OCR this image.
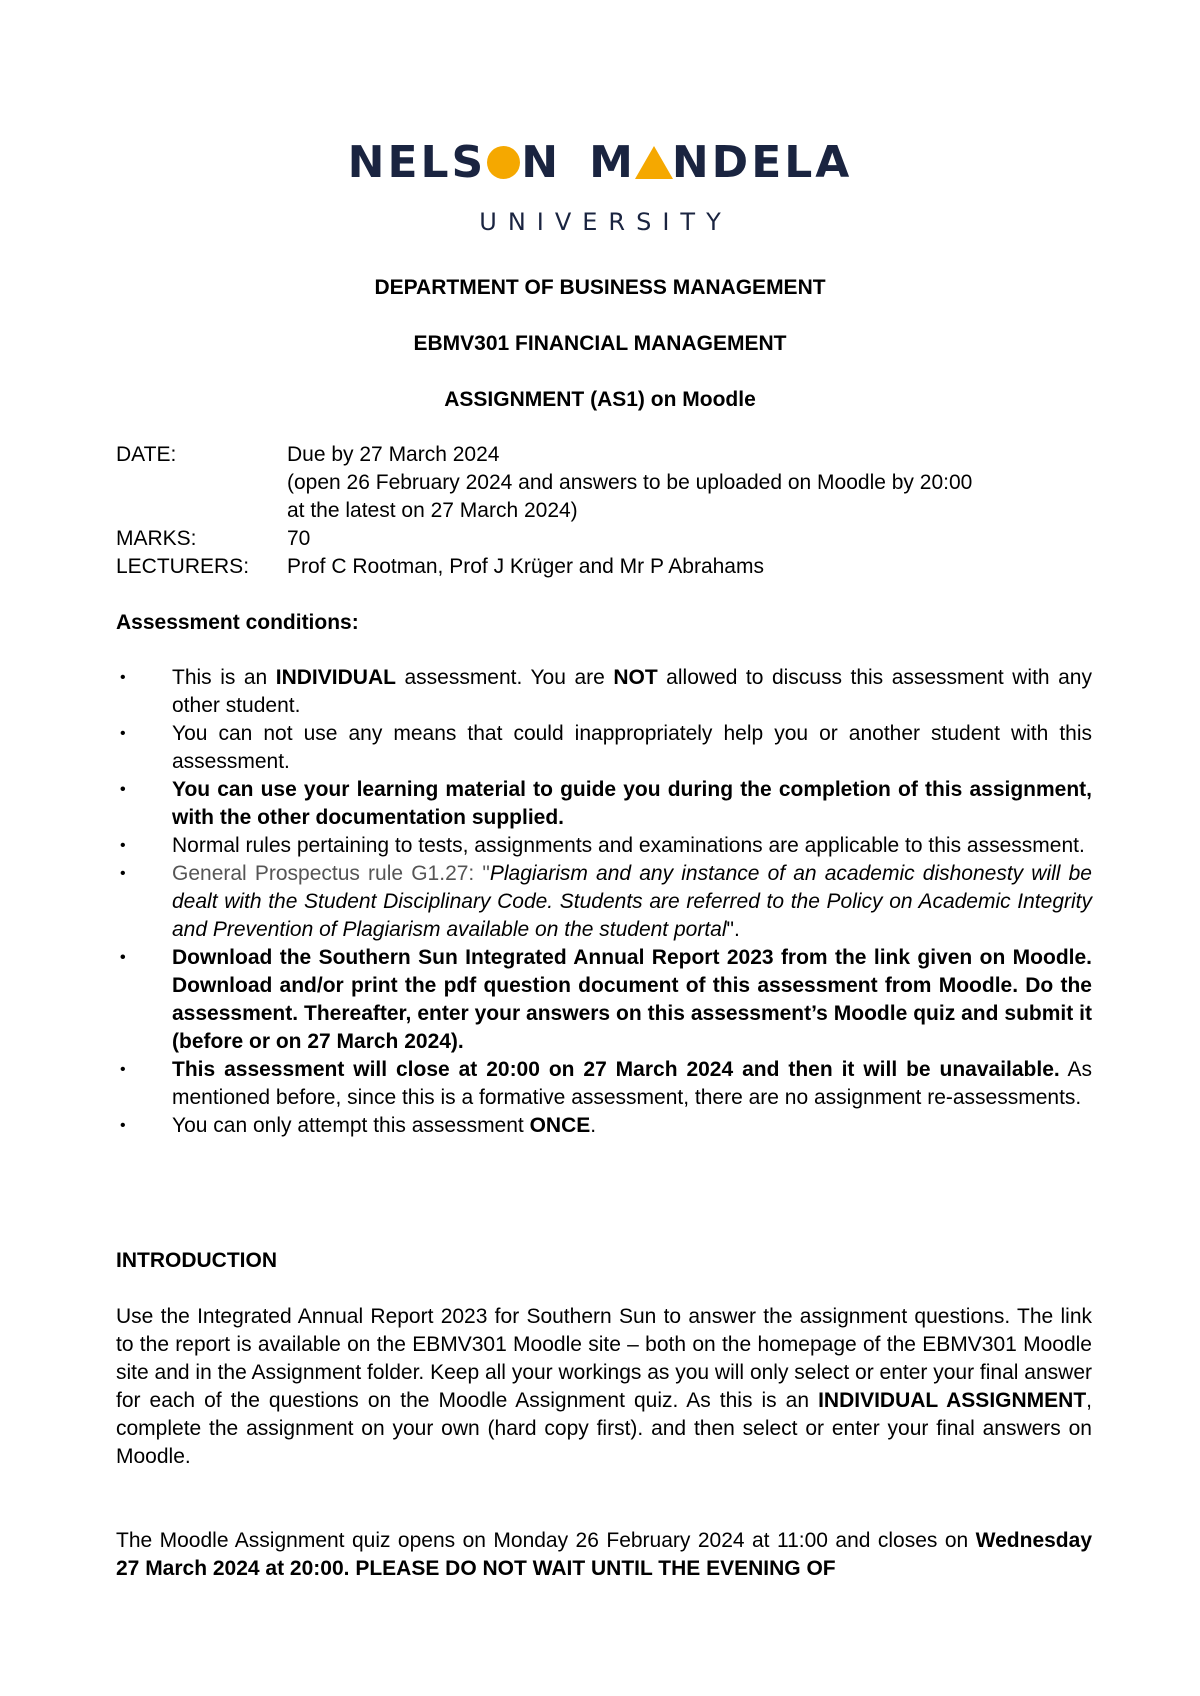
NELS N M NDELA
UNIVERSITY
DEPARTMENT OF BUSINESS MANAGEMENT
EBMV301 FINANCIAL MANAGEMENT
ASSIGNMENT (AS1) on Moodle
DATE:	Due by 27 March 2024
(open 26 February 2024 and answers to be uploaded on Moodle by 20:00
at the latest on 27 March 2024)
MARKS:	70
LECTURERS: Prof C Rootman, Prof J Krüger and Mr P Abrahams
Assessment conditions:
• This is an INDIVIDUAL assessment. You are NOT allowed to discuss this assessment with any other student.
• You can not use any means that could inappropriately help you or another student with this assessment.
• You can use your learning material to guide you during the completion of this assignment, with the other documentation supplied.
• Normal rules pertaining to tests, assignments and examinations are applicable to this assessment.
• General Prospectus rule G1.27: "Plagiarism and any instance of an academic dishonesty will be dealt with the Student Disciplinary Code. Students are referred to the Policy on Academic Integrity and Prevention of Plagiarism available on the student portal".
• Download the Southern Sun Integrated Annual Report 2023 from the link given on Moodle. Download and/or print the pdf question document of this assessment from Moodle. Do the assessment. Thereafter, enter your answers on this assessment’s Moodle quiz and submit it (before or on 27 March 2024).
• This assessment will close at 20:00 on 27 March 2024 and then it will be unavailable. As mentioned before, since this is a formative assessment, there are no assignment re-assessments.
• You can only attempt this assessment ONCE.
INTRODUCTION
Use the Integrated Annual Report 2023 for Southern Sun to answer the assignment questions. The link to the report is available on the EBMV301 Moodle site – both on the homepage of the EBMV301 Moodle site and in the Assignment folder. Keep all your workings as you will only select or enter your final answer for each of the questions on the Moodle Assignment quiz. As this is an INDIVIDUAL ASSIGNMENT, complete the assignment on your own (hard copy first). and then select or enter your final answers on Moodle.
The Moodle Assignment quiz opens on Monday 26 February 2024 at 11:00 and closes on Wednesday 27 March 2024 at 20:00. PLEASE DO NOT WAIT UNTIL THE EVENING OF
